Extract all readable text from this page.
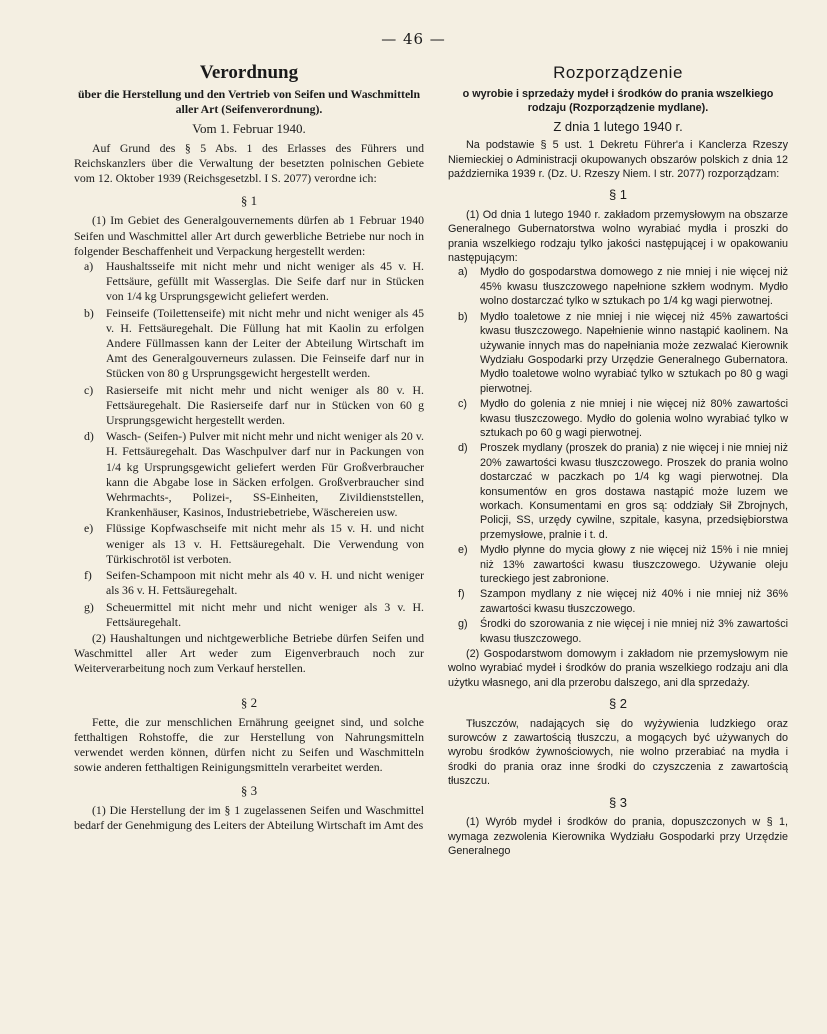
— 46 —
Verordnung
über die Herstellung und den Vertrieb von Seifen und Waschmitteln aller Art (Seifenverordnung).
Vom 1. Februar 1940.

Auf Grund des § 5 Abs. 1 des Erlasses des Führers und Reichskanzlers über die Verwaltung der besetzten polnischen Gebiete vom 12. Oktober 1939 (Reichsgesetzbl. I S. 2077) verordne ich:

§ 1

(1) Im Gebiet des Generalgouvernements dürfen ab 1 Februar 1940 Seifen und Waschmittel aller Art durch gewerbliche Betriebe nur noch in folgender Beschaffenheit und Verpackung hergestellt werden:

a)	Haushaltsseife mit nicht mehr und nicht weniger als 45 v. H. Fettsäure, gefüllt mit Wasserglas. Die Seife darf nur in Stücken von 1/4 kg Ursprungsgewicht geliefert werden.
b)	Feinseife (Toilettenseife) mit nicht mehr und nicht weniger als 45 v. H. Fettsäuregehalt. Die Füllung hat mit Kaolin zu erfolgen Andere Füllmassen kann der Leiter der Abteilung Wirtschaft im Amt des Generalgouverneurs zulassen. Die Feinseife darf nur in Stücken von 80 g Ursprungsgewicht hergestellt werden.
c)	Rasierseife mit nicht mehr und nicht weniger als 80 v. H. Fettsäuregehalt. Die Rasierseife darf nur in Stücken von 60 g Ursprungsgewicht hergestellt werden.
d)	Wasch- (Seifen-) Pulver mit nicht mehr und nicht weniger als 20 v. H. Fettsäuregehalt. Das Waschpulver darf nur in Packungen von 1/4 kg Ursprungsgewicht geliefert werden Für Großverbraucher kann die Abgabe lose in Säcken erfolgen. Großverbraucher sind Wehrmachts-, Polizei-, SS-Einheiten, Zivildienststellen, Krankenhäuser, Kasinos, Industriebetriebe, Wäschereien usw.
e)	Flüssige Kopfwaschseife mit nicht mehr als 15 v. H. und nicht weniger als 13 v. H. Fettsäuregehalt. Die Verwendung von Türkischrotöl ist verboten.
f)	Seifen-Schampoon mit nicht mehr als 40 v. H. und nicht weniger als 36 v. H. Fettsäuregehalt.
g)	Scheuermittel mit nicht mehr und nicht weniger als 3 v. H. Fettsäuregehalt.

(2) Haushaltungen und nichtgewerbliche Betriebe dürfen Seifen und Waschmittel aller Art weder zum Eigenverbrauch noch zur Weiterverarbeitung noch zum Verkauf herstellen.

§ 2

Fette, die zur menschlichen Ernährung geeignet sind, und solche fetthaltigen Rohstoffe, die zur Herstellung von Nahrungsmitteln verwendet werden können, dürfen nicht zu Seifen und Waschmitteln sowie anderen fetthaltigen Reinigungsmitteln verarbeitet werden.

§ 3

(1) Die Herstellung der im § 1 zugelassenen Seifen und Waschmittel bedarf der Genehmigung des Leiters der Abteilung Wirtschaft im Amt des

Rozporządzenie
o wyrobie i sprzedaży mydeł i środków do prania wszelkiego rodzaju (Rozporządzenie mydlane).
Z dnia 1 lutego 1940 r.

Na podstawie § 5 ust. 1 Dekretu Führer'a i Kanclerza Rzeszy Niemieckiej o Administracji okupowanych obszarów polskich z dnia 12 października 1939 r. (Dz. U. Rzeszy Niem. I str. 2077) rozporządzam:

§ 1

(1) Od dnia 1 lutego 1940 r. zakładom przemysłowym na obszarze Generalnego Gubernatorstwa wolno wyrabiać mydła i proszki do prania wszelkiego rodzaju tylko jakości następującej i w opakowaniu następującym:

a)	Mydło do gospodarstwa domowego z nie mniej i nie więcej niż 45% kwasu tłuszczowego napełnione szkłem wodnym. Mydło wolno dostarczać tylko w sztukach po 1/4 kg wagi pierwotnej.
b)	Mydło toaletowe z nie mniej i nie więcej niż 45% zawartości kwasu tłuszczowego. Napełnienie winno nastąpić kaolinem. Na używanie innych mas do napełniania może zezwalać Kierownik Wydziału Gospodarki przy Urzędzie Generalnego Gubernatora. Mydło toaletowe wolno wyrabiać tylko w sztukach po 80 g wagi pierwotnej.
c)	Mydło do golenia z nie mniej i nie więcej niż 80% zawartości kwasu tłuszczowego. Mydło do golenia wolno wyrabiać tylko w sztukach po 60 g wagi pierwotnej.
d)	Proszek mydlany (proszek do prania) z nie więcej i nie mniej niż 20% zawartości kwasu tłuszczowego. Proszek do prania wolno dostarczać w paczkach po 1/4 kg wagi pierwotnej. Dla konsumentów en gros dostawa nastąpić może luzem we workach. Konsumentami en gros są: oddziały Sił Zbrojnych, Policji, SS, urzędy cywilne, szpitale, kasyna, przedsiębiorstwa przemysłowe, pralnie i t. d.
e)	Mydło płynne do mycia głowy z nie więcej niż 15% i nie mniej niż 13% zawartości kwasu tłuszczowego. Używanie oleju tureckiego jest zabronione.
f)	Szampon mydlany z nie więcej niż 40% i nie mniej niż 36% zawartości kwasu tłuszczowego.
g)	Środki do szorowania z nie więcej i nie mniej niż 3% zawartości kwasu tłuszczowego.

(2) Gospodarstwom domowym i zakładom nie przemysłowym nie wolno wyrabiać mydeł i środków do prania wszelkiego rodzaju ani dla użytku własnego, ani dla przerobu dalszego, ani dla sprzedaży.

§ 2

Tłuszczów, nadających się do wyżywienia ludzkiego oraz surowców z zawartością tłuszczu, a mogących być używanych do wyrobu środków żywnościowych, nie wolno przerabiać na mydła i środki do prania oraz inne środki do czyszczenia z zawartością tłuszczu.

§ 3

(1) Wyrób mydeł i środków do prania, dopuszczonych w § 1, wymaga zezwolenia Kierownika Wydziału Gospodarki przy Urzędzie Generalnego
